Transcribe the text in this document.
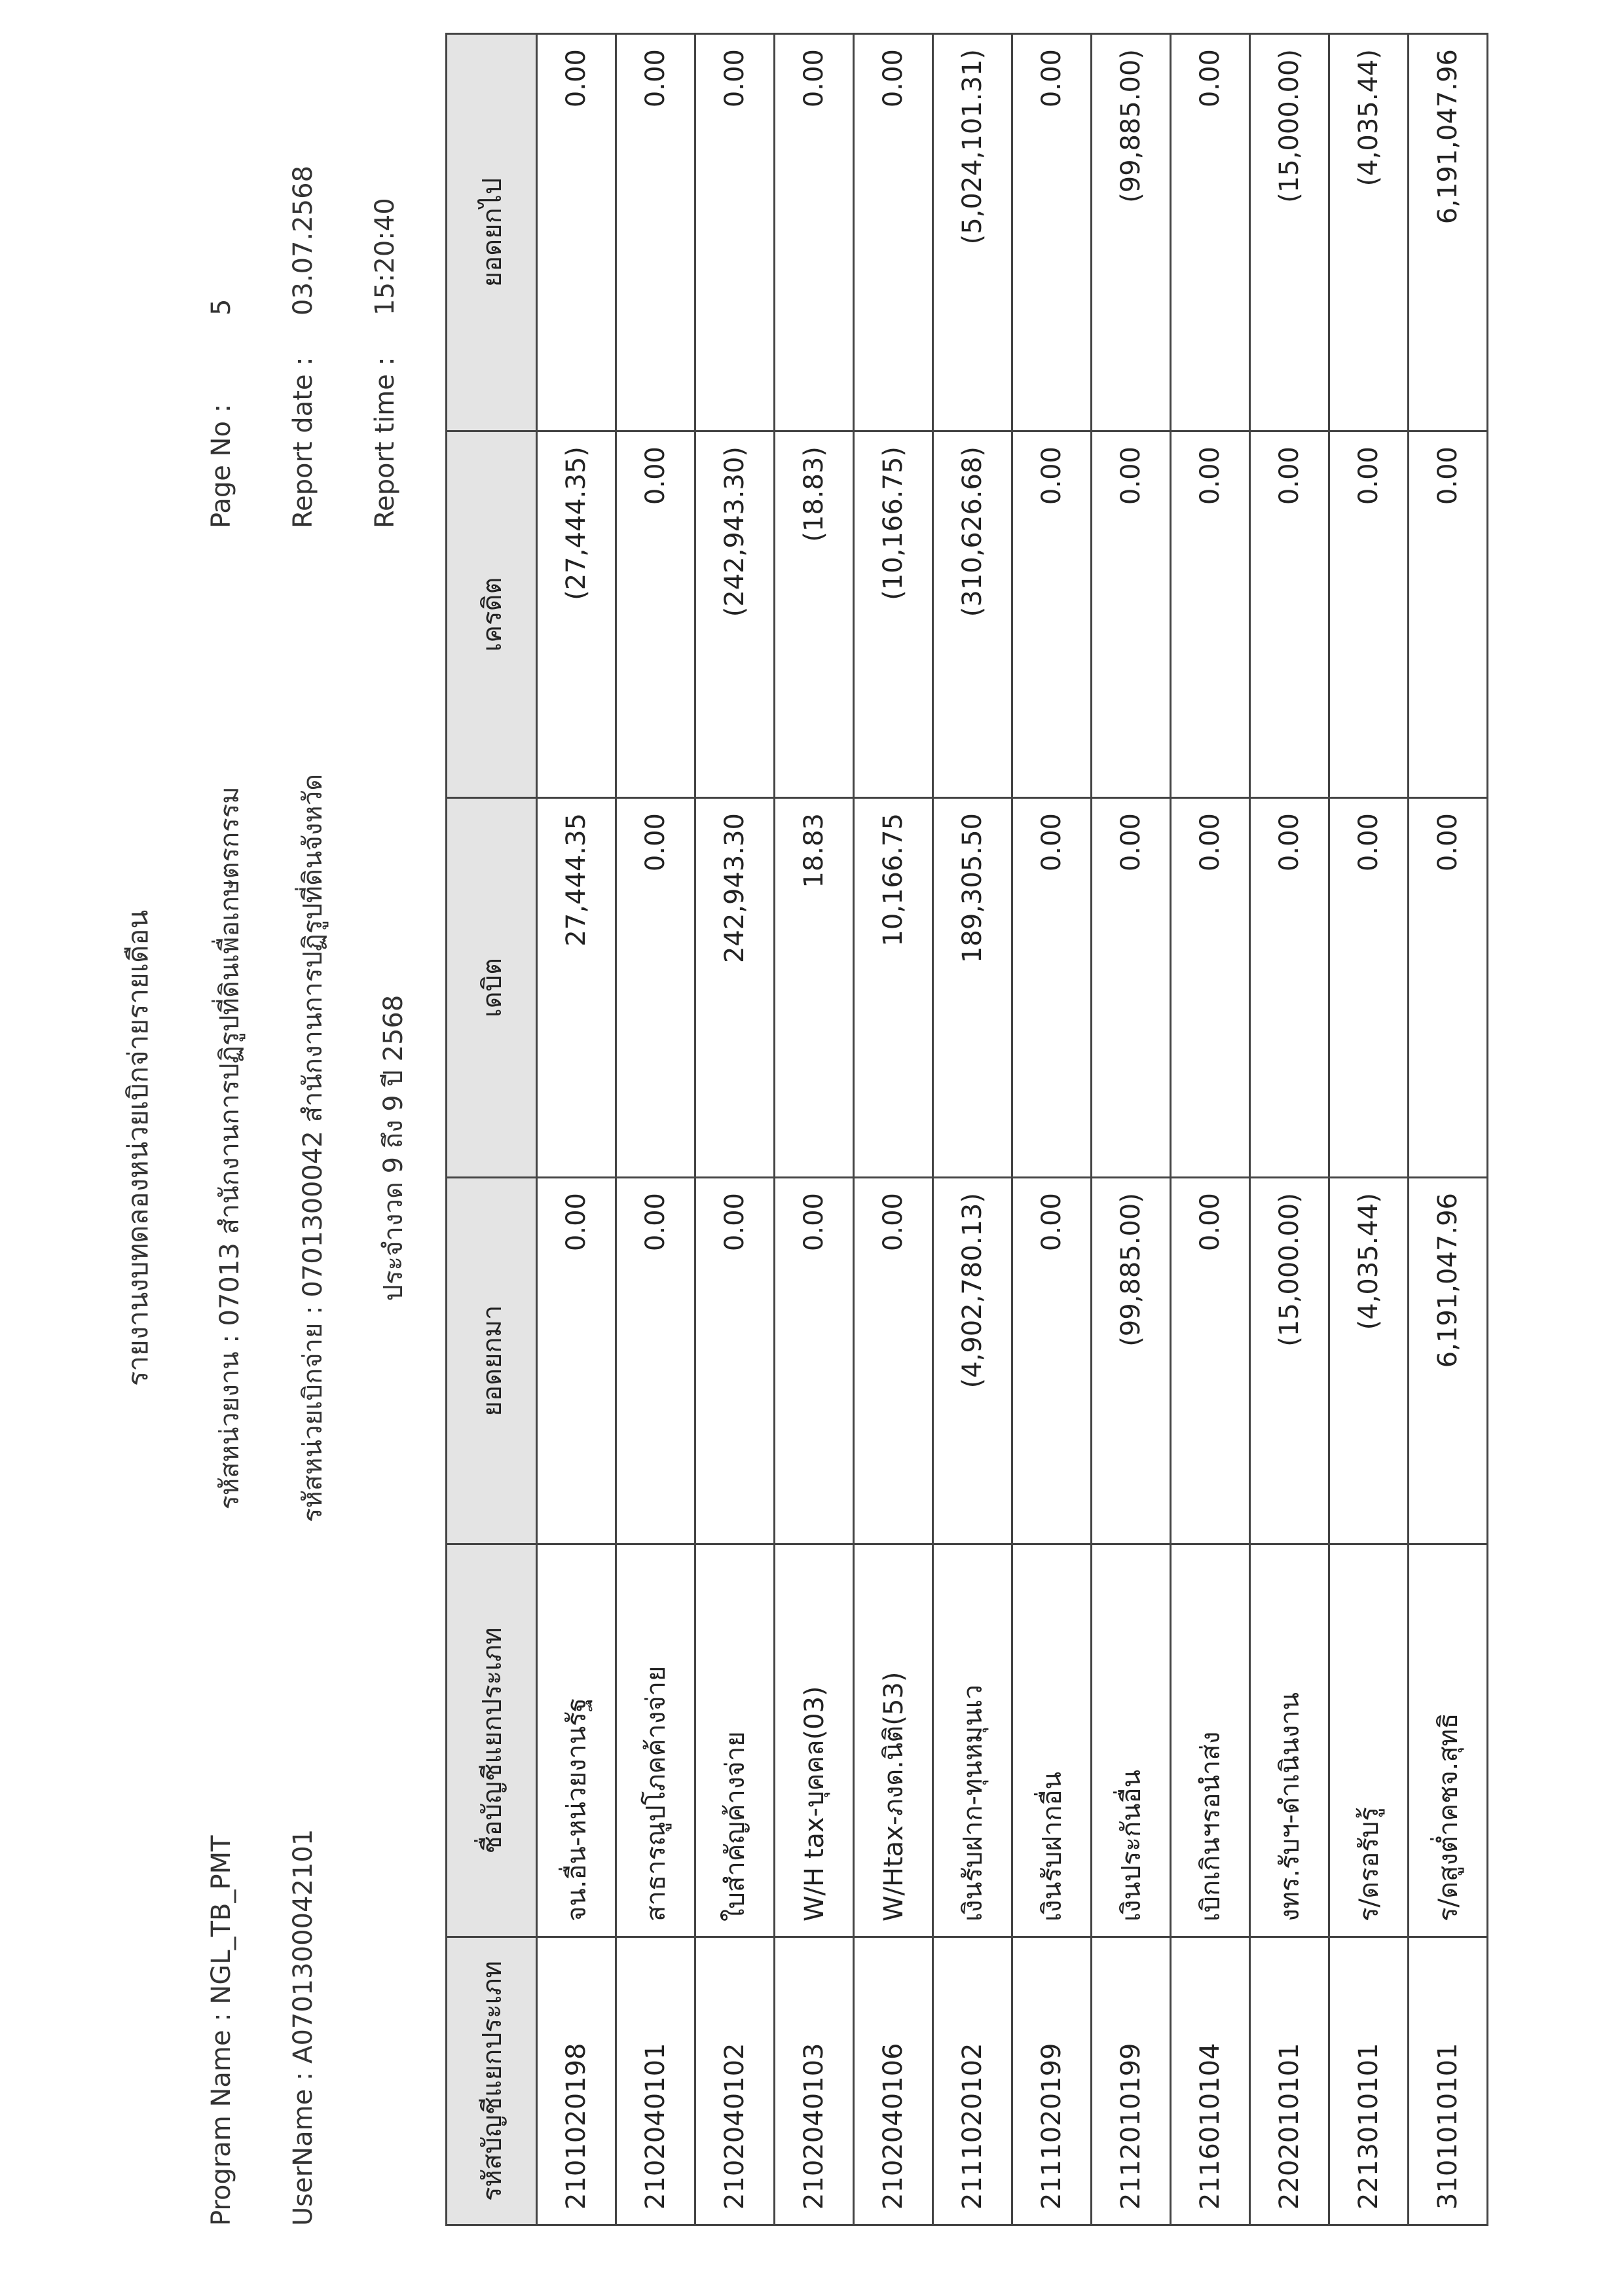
รายงานงบทดลองหน่วยเบิกจ่ายรายเดือน
Program Name : NGL_TB_PMT UserName : A0701300042101
รหัสหน่วยงาน : 07013 สำนักงานการปฏิรูปที่ดินเพื่อเกษตรกรรม รหัสหน่วยเบิกจ่าย : 0701300042 สำนักงานการปฏิรูปที่ดินจังหวัด ประจำงวด 9 ถึง 9 ปี 2568
Page No :
5
Report date :
03.07.2568
Report time :
15:20:40
รหัสบัญชีแยกประเภท	ชื่อบัญชีแยกประเภท	ยอดยกมา	เดบิต	เครดิต	ยอดยกไป
2101020198	จน.อื่น-หน่วยงานรัฐ	0.00	27,444.35	(27,444.35)	0.00
2102040101	สาธารณูปโภคค้างจ่าย	0.00	0.00	0.00	0.00
2102040102	ใบสำคัญค้างจ่าย	0.00	242,943.30	(242,943.30)	0.00
2102040103	W/H tax-บุคคล(03)	0.00	18.83	(18.83)	0.00
2102040106	W/Htax-ภงด.นิติ(53)	0.00	10,166.75	(10,166.75)	0.00
2111020102	เงินรับฝาก-ทุนหมุนเว	(4,902,780.13)	189,305.50	(310,626.68)	(5,024,101.31)
2111020199	เงินรับฝากอื่น	0.00	0.00	0.00	0.00
2112010199	เงินประกันอื่น	(99,885.00)	0.00	0.00	(99,885.00)
2116010104	เบิกเกินฯรอนำส่ง	0.00	0.00	0.00	0.00
2202010101	งทร.รับฯ-ดำเนินงาน	(15,000.00)	0.00	0.00	(15,000.00)
2213010101	ร/ดรอรับรู้	(4,035.44)	0.00	0.00	(4,035.44)
3101010101	ร/ดสูงต่ำคชจ.สุทธิ	6,191,047.96	0.00	0.00	6,191,047.96
